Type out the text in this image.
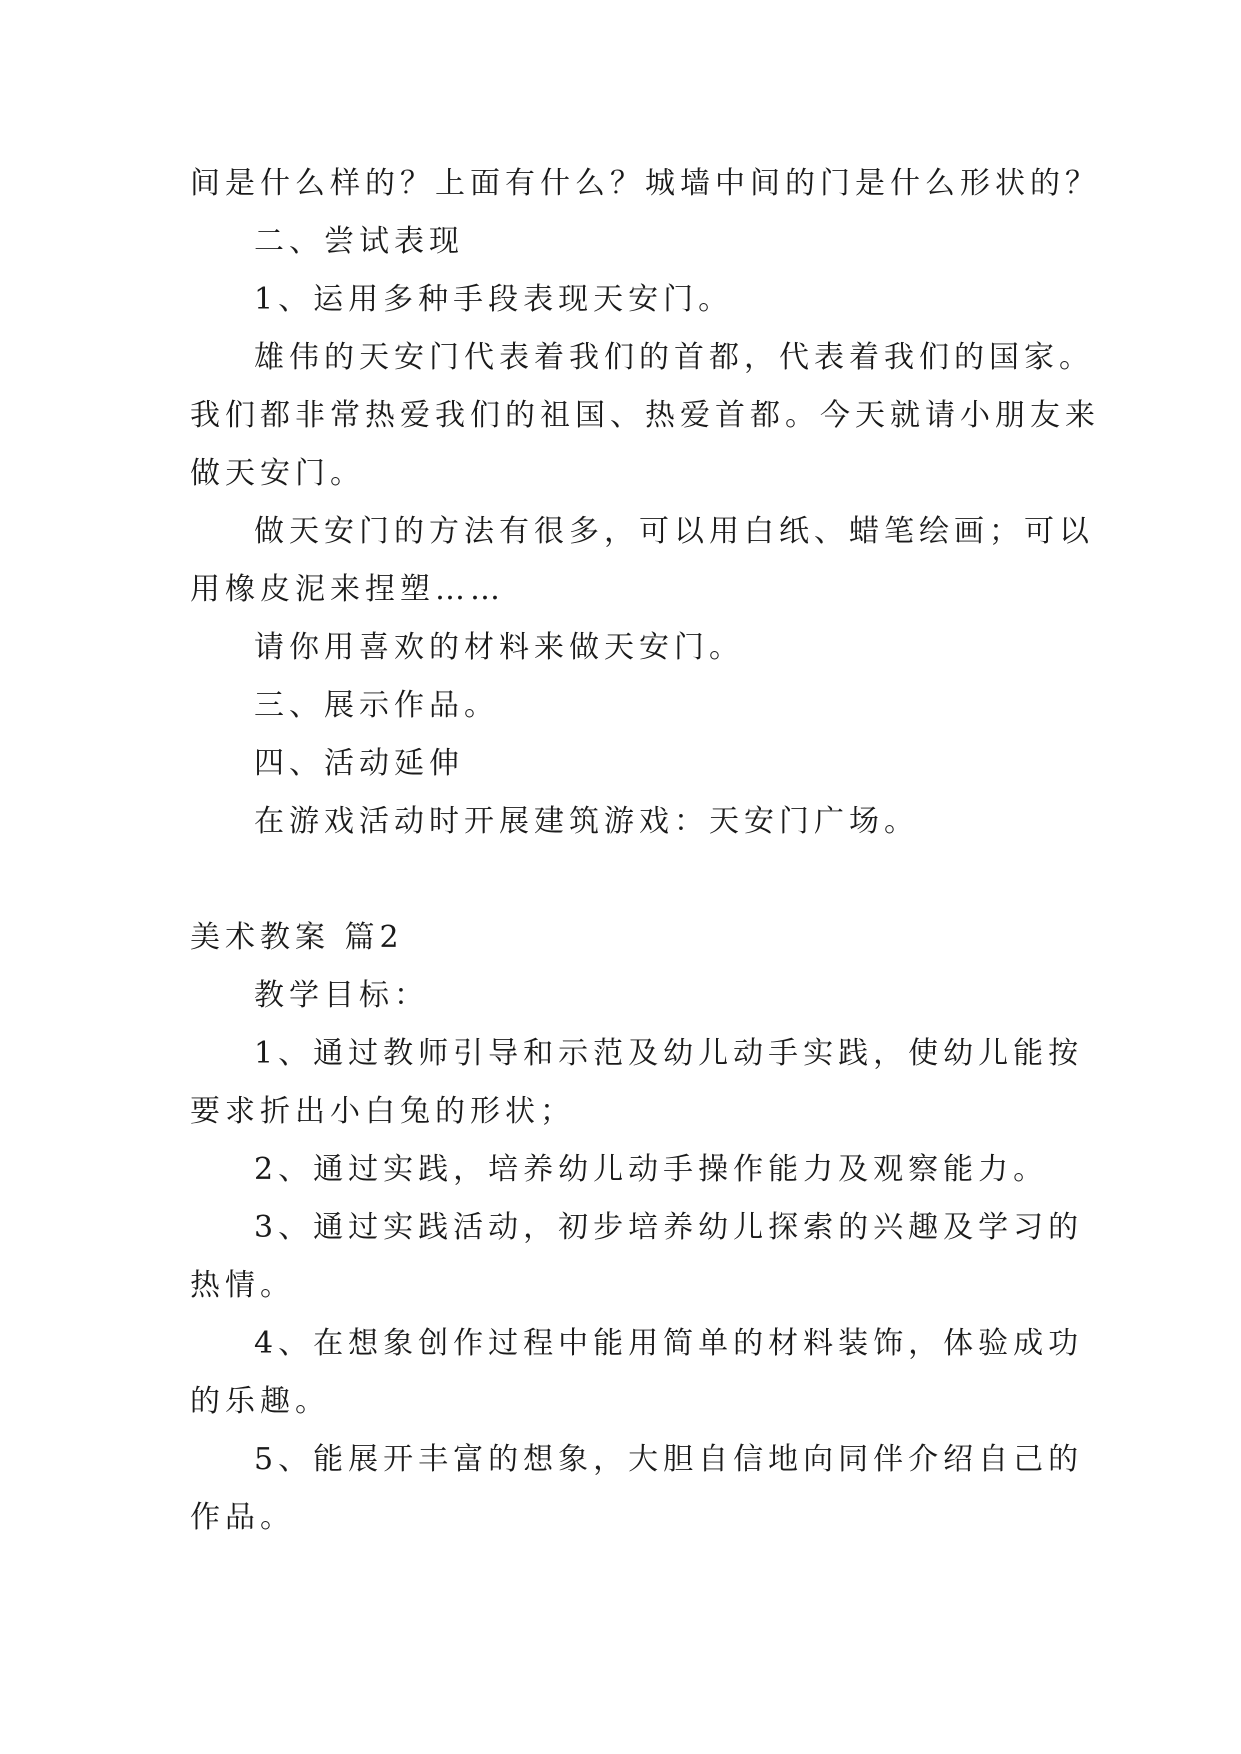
间是什么样的？上面有什么？城墙中间的门是什么形状的？
二、尝试表现
1、运用多种手段表现天安门。
雄伟的天安门代表着我们的首都，代表着我们的国家。
我们都非常热爱我们的祖国、热爱首都。今天就请小朋友来
做天安门。
做天安门的方法有很多，可以用白纸、蜡笔绘画；可以
用橡皮泥来捏塑……
请你用喜欢的材料来做天安门。
三、展示作品。
四、活动延伸
在游戏活动时开展建筑游戏：天安门广场。
美术教案 篇2
教学目标：
1、通过教师引导和示范及幼儿动手实践，使幼儿能按
要求折出小白兔的形状；
2、通过实践，培养幼儿动手操作能力及观察能力。
3、通过实践活动，初步培养幼儿探索的兴趣及学习的
热情。
4、在想象创作过程中能用简单的材料装饰，体验成功
的乐趣。
5、能展开丰富的想象，大胆自信地向同伴介绍自己的
作品。
